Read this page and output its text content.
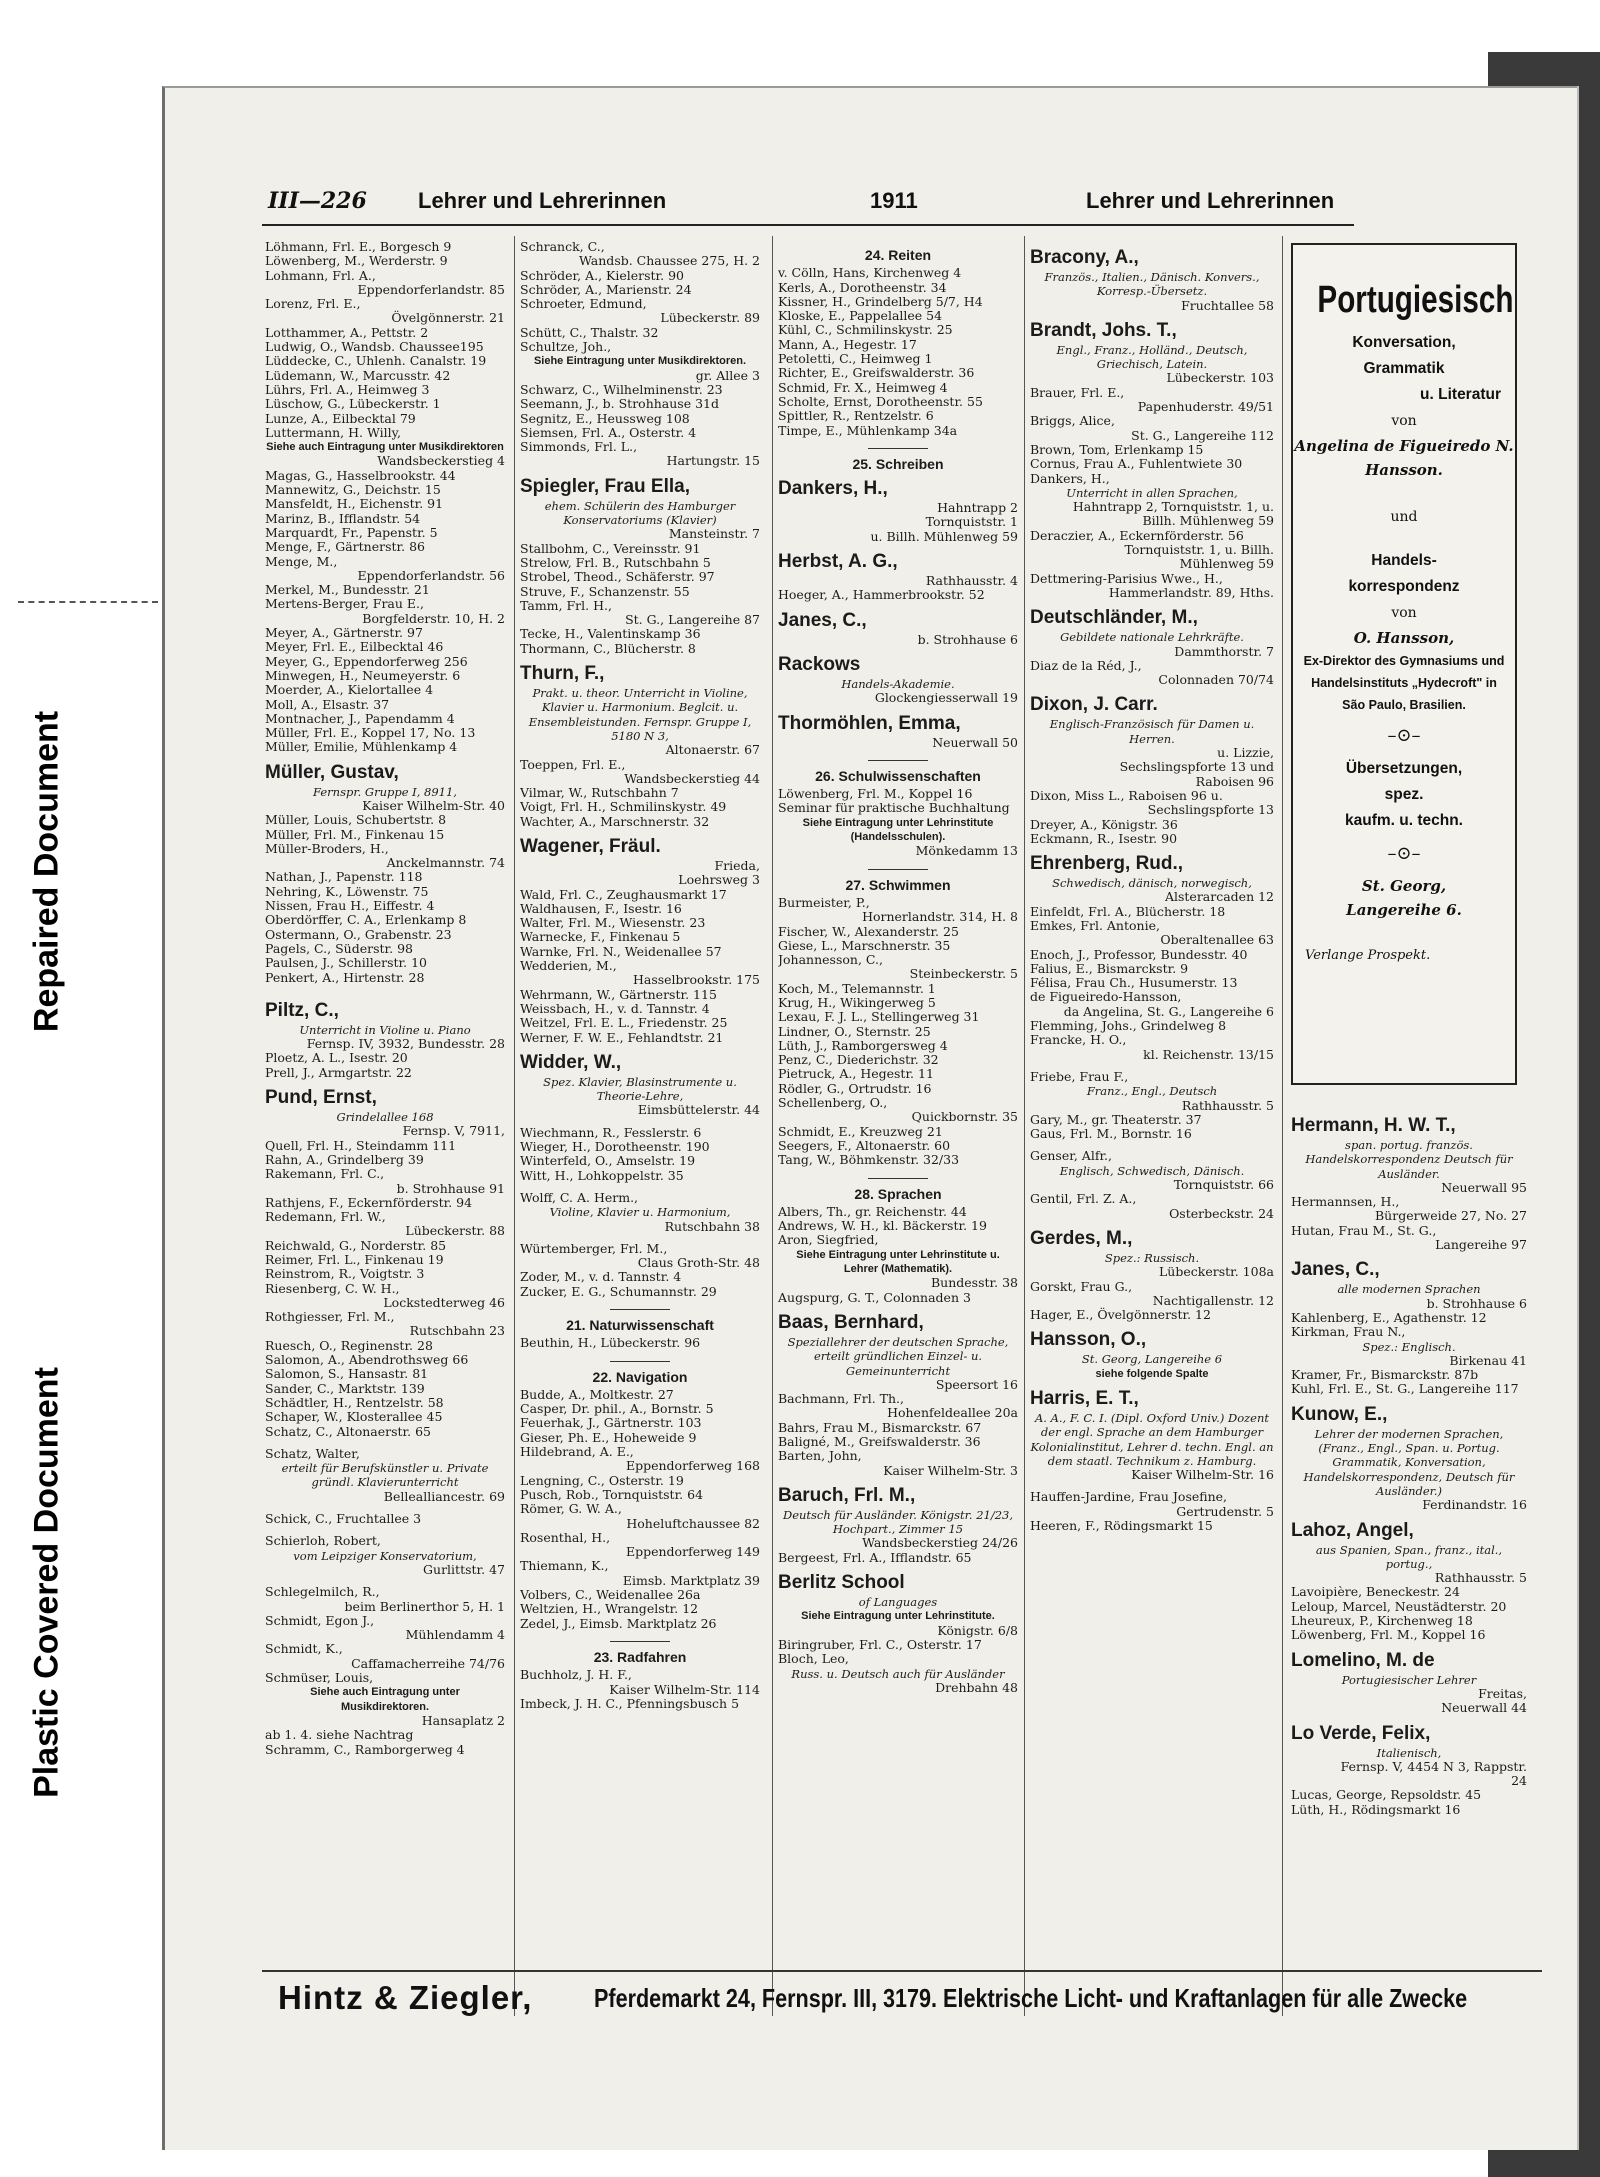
Repaired Document
Plastic Covered Document
III—226 Lehrer und Lehrerinnen	1911	Lehrer und Lehrerinnen
Löhmann, Frl. E., Borgesch 9
Löwenberg, M., Werderstr. 9
Lohmann, Frl. A.,
Eppendorferlandstr. 85
Lorenz, Frl. E.,
Övelgönnerstr. 21
Lotthammer, A., Pettstr. 2
Ludwig, O., Wandsb. Chaussee195
Lüddecke, C., Uhlenh. Canalstr. 19
Lüdemann, W., Marcusstr. 42
Lührs, Frl. A., Heimweg 3
Lüschow, G., Lübeckerstr. 1
Lunze, A., Eilbecktal 79
Luttermann, H. Willy,
Siehe auch Eintragung unter Musikdirektoren
Wandsbeckerstieg 4
Magas, G., Hasselbrookstr. 44
Mannewitz, G., Deichstr. 15
Mansfeldt, H., Eichenstr. 91
Marinz, B., Ifflandstr. 54
Marquardt, Fr., Papenstr. 5
Menge, F., Gärtnerstr. 86
Menge, M.,
Eppendorferlandstr. 56
Merkel, M., Bundesstr. 21
Mertens-Berger, Frau E.,
Borgfelderstr. 10, H. 2
Meyer, A., Gärtnerstr. 97
Meyer, Frl. E., Eilbecktal 46
Meyer, G., Eppendorferweg 256
Minwegen, H., Neumeyerstr. 6
Moerder, A., Kielortallee 4
Moll, A., Elsastr. 37
Montnacher, J., Papendamm 4
Müller, Frl. E., Koppel 17, No. 13
Müller, Emilie, Mühlenkamp 4
Müller, Gustav,
Fernspr. Gruppe I, 8911,
Kaiser Wilhelm-Str. 40
Müller, Louis, Schubertstr. 8
Müller, Frl. M., Finkenau 15
Müller-Broders, H.,
Anckelmannstr. 74
Nathan, J., Papenstr. 118
Nehring, K., Löwenstr. 75
Nissen, Frau H., Eiffestr. 4
Oberdörffer, C. A., Erlenkamp 8
Ostermann, O., Grabenstr. 23
Pagels, C., Süderstr. 98
Paulsen, J., Schillerstr. 10
Penkert, A., Hirtenstr. 28
Piltz, C.,
Unterricht in Violine u. Piano
Fernsp. IV, 3932, Bundesstr. 28
Ploetz, A. L., Isestr. 20
Prell, J., Armgartstr. 22
Pund, Ernst,
Grindelallee 168
Fernsp. V, 7911,
Quell, Frl. H., Steindamm 111
Rahn, A., Grindelberg 39
Rakemann, Frl. C.,
b. Strohhause 91
Rathjens, F., Eckernförderstr. 94
Redemann, Frl. W.,
Lübeckerstr. 88
Reichwald, G., Norderstr. 85
Reimer, Frl. L., Finkenau 19
Reinstrom, R., Voigtstr. 3
Riesenberg, C. W. H.,
Lockstedterweg 46
Rothgiesser, Frl. M.,
Rutschbahn 23
Ruesch, O., Reginenstr. 28
Salomon, A., Abendrothsweg 66
Salomon, S., Hansastr. 81
Sander, C., Marktstr. 139
Schädtler, H., Rentzelstr. 58
Schaper, W., Klosterallee 45
Schatz, C., Altonaerstr. 65
Schatz, Walter,
erteilt für Berufskünstler u. Private gründl. Klavierunterricht
Bellealliancestr. 69
Schick, C., Fruchtallee 3
Schierloh, Robert,
vom Leipziger Konservatorium,
Gurlittstr. 47
Schlegelmilch, R.,
beim Berlinerthor 5, H. 1
Schmidt, Egon J.,
Mühlendamm 4
Schmidt, K.,
Caffamacherreihe 74/76
Schmüser, Louis,
Siehe auch Eintragung unter Musikdirektoren.
Hansaplatz 2
ab 1. 4. siehe Nachtrag
Schramm, C., Ramborgerweg 4
Schranck, C.,
Wandsb. Chaussee 275, H. 2
Schröder, A., Kielerstr. 90
Schröder, A., Marienstr. 24
Schroeter, Edmund,
Lübeckerstr. 89
Schütt, C., Thalstr. 32
Schultze, Joh.,
Siehe Eintragung unter Musikdirektoren.
gr. Allee 3
Schwarz, C., Wilhelminenstr. 23
Seemann, J., b. Strohhause 31d
Segnitz, E., Heussweg 108
Siemsen, Frl. A., Osterstr. 4
Simmonds, Frl. L.,
Hartungstr. 15
Spiegler, Frau Ella,
ehem. Schülerin des Hamburger Konservatoriums (Klavier)
Mansteinstr. 7
Stallbohm, C., Vereinsstr. 91
Strelow, Frl. B., Rutschbahn 5
Strobel, Theod., Schäferstr. 97
Struve, F., Schanzenstr. 55
Tamm, Frl. H.,
St. G., Langereihe 87
Tecke, H., Valentinskamp 36
Thormann, C., Blücherstr. 8
Thurn, F.,
Prakt. u. theor. Unterricht in Violine, Klavier u. Harmonium. Beglcit. u. Ensembleistunden. Fernspr. Gruppe I, 5180 N 3,
Altonaerstr. 67
Toeppen, Frl. E.,
Wandsbeckerstieg 44
Vilmar, W., Rutschbahn 7
Voigt, Frl. H., Schmilinskystr. 49
Wachter, A., Marschnerstr. 32
Wagener, Fräul.
Frieda,
Loehrsweg 3
Wald, Frl. C., Zeughausmarkt 17
Waldhausen, F., Isestr. 16
Walter, Frl. M., Wiesenstr. 23
Warnecke, F., Finkenau 5
Warnke, Frl. N., Weidenallee 57
Wedderien, M.,
Hasselbrookstr. 175
Wehrmann, W., Gärtnerstr. 115
Weissbach, H., v. d. Tannstr. 4
Weitzel, Frl. E. L., Friedenstr. 25
Werner, F. W. E., Fehlandtstr. 21
Widder, W.,
Spez. Klavier, Blasinstrumente u. Theorie-Lehre,
Eimsbüttelerstr. 44
Wiechmann, R., Fesslerstr. 6
Wieger, H., Dorotheenstr. 190
Winterfeld, O., Amselstr. 19
Witt, H., Lohkoppelstr. 35
Wolff, C. A. Herm.,
Violine, Klavier u. Harmonium,
Rutschbahn 38
Würtemberger, Frl. M.,
Claus Groth-Str. 48
Zoder, M., v. d. Tannstr. 4
Zucker, E. G., Schumannstr. 29
21. Naturwissenschaft
Beuthin, H., Lübeckerstr. 96
22. Navigation
Budde, A., Moltkestr. 27
Casper, Dr. phil., A., Bornstr. 5
Feuerhak, J., Gärtnerstr. 103
Gieser, Ph. E., Hoheweide 9
Hildebrand, A. E.,
Eppendorferweg 168
Lengning, C., Osterstr. 19
Pusch, Rob., Tornquiststr. 64
Römer, G. W. A.,
Hoheluftchaussee 82
Rosenthal, H.,
Eppendorferweg 149
Thiemann, K.,
Eimsb. Marktplatz 39
Volbers, C., Weidenallee 26a
Weltzien, H., Wrangelstr. 12
Zedel, J., Eimsb. Marktplatz 26
23. Radfahren
Buchholz, J. H. F.,
Kaiser Wilhelm-Str. 114
Imbeck, J. H. C., Pfenningsbusch 5
24. Reiten
v. Cölln, Hans, Kirchenweg 4
Kerls, A., Dorotheenstr. 34
Kissner, H., Grindelberg 5/7, H4
Kloske, E., Pappelallee 54
Kühl, C., Schmilinskystr. 25
Mann, A., Hegestr. 17
Petoletti, C., Heimweg 1
Richter, E., Greifswalderstr. 36
Schmid, Fr. X., Heimweg 4
Scholte, Ernst, Dorotheenstr. 55
Spittler, R., Rentzelstr. 6
Timpe, E., Mühlenkamp 34a
25. Schreiben
Dankers, H.,
Hahntrapp 2
Tornquiststr. 1
u. Billh. Mühlenweg 59
Herbst, A. G.,
Rathhausstr. 4
Hoeger, A., Hammerbrookstr. 52
Janes, C.,
b. Strohhause 6
Rackows
Handels-Akademie.
Glockengiesserwall 19
Thormöhlen, Emma,
Neuerwall 50
26. Schulwissenschaften
Löwenberg, Frl. M., Koppel 16
Seminar für praktische Buchhaltung
Siehe Eintragung unter Lehrinstitute (Handelsschulen).
Mönkedamm 13
27. Schwimmen
Burmeister, P.,
Hornerlandstr. 314, H. 8
Fischer, W., Alexanderstr. 25
Giese, L., Marschnerstr. 35
Johannesson, C.,
Steinbeckerstr. 5
Koch, M., Telemannstr. 1
Krug, H., Wikingerweg 5
Lexau, F. J. L., Stellingerweg 31
Lindner, O., Sternstr. 25
Lüth, J., Ramborgersweg 4
Penz, C., Diederichstr. 32
Pietruck, A., Hegestr. 11
Rödler, G., Ortrudstr. 16
Schellenberg, O.,
Quickbornstr. 35
Schmidt, E., Kreuzweg 21
Seegers, F., Altonaerstr. 60
Tang, W., Böhmkenstr. 32/33
28. Sprachen
Albers, Th., gr. Reichenstr. 44
Andrews, W. H., kl. Bäckerstr. 19
Aron, Siegfried,
Siehe Eintragung unter Lehrinstitute u. Lehrer (Mathematik).
Bundesstr. 38
Augspurg, G. T., Colonnaden 3
Baas, Bernhard,
Speziallehrer der deutschen Sprache, erteilt gründlichen Einzel- u. Gemeinunterricht
Speersort 16
Bachmann, Frl. Th.,
Hohenfeldeallee 20a
Bahrs, Frau M., Bismarckstr. 67
Baligné, M., Greifswalderstr. 36
Barten, John,
Kaiser Wilhelm-Str. 3
Baruch, Frl. M.,
Deutsch für Ausländer. Königstr. 21/23, Hochpart., Zimmer 15
Wandsbeckerstieg 24/26
Bergeest, Frl. A., Ifflandstr. 65
Berlitz School
of Languages
Siehe Eintragung unter Lehrinstitute.
Königstr. 6/8
Biringruber, Frl. C., Osterstr. 17
Bloch, Leo,
Russ. u. Deutsch auch für Ausländer
Drehbahn 48
Bracony, A.,
Französ., Italien., Dänisch. Konvers., Korresp.-Übersetz.
Fruchtallee 58
Brandt, Johs. T.,
Engl., Franz., Holländ., Deutsch, Griechisch, Latein.
Lübeckerstr. 103
Brauer, Frl. E.,
Papenhuderstr. 49/51
Briggs, Alice,
St. G., Langereihe 112
Brown, Tom, Erlenkamp 15
Cornus, Frau A., Fuhlentwiete 30
Dankers, H.,
Unterricht in allen Sprachen,
Hahntrapp 2, Tornquiststr. 1, u. Billh. Mühlenweg 59
Deraczier, A., Eckernförderstr. 56
Tornquiststr. 1, u. Billh. Mühlenweg 59
Dettmering-Parisius Wwe., H.,
Hammerlandstr. 89, Hths.
Deutschländer, M.,
Gebildete nationale Lehrkräfte.
Dammthorstr. 7
Diaz de la Réd, J.,
Colonnaden 70/74
Dixon, J. Carr.
Englisch-Französisch für Damen u. Herren.
u. Lizzie,
Sechslingspforte 13 und Raboisen 96
Dixon, Miss L., Raboisen 96 u.
Sechslingspforte 13
Dreyer, A., Königstr. 36
Eckmann, R., Isestr. 90
Ehrenberg, Rud.,
Schwedisch, dänisch, norwegisch,
Alsterarcaden 12
Einfeldt, Frl. A., Blücherstr. 18
Emkes, Frl. Antonie,
Oberaltenallee 63
Enoch, J., Professor, Bundesstr. 40
Falius, E., Bismarckstr. 9
Félisa, Frau Ch., Husumerstr. 13
de Figueiredo-Hansson,
da Angelina, St. G., Langereihe 6
Flemming, Johs., Grindelweg 8
Francke, H. O.,
kl. Reichenstr. 13/15
Friebe, Frau F.,
Franz., Engl., Deutsch
Rathhausstr. 5
Gary, M., gr. Theaterstr. 37
Gaus, Frl. M., Bornstr. 16
Genser, Alfr.,
Englisch, Schwedisch, Dänisch.
Tornquiststr. 66
Gentil, Frl. Z. A.,
Osterbeckstr. 24
Gerdes, M.,
Spez.: Russisch.
Lübeckerstr. 108a
Gorskt, Frau G.,
Nachtigallenstr. 12
Hager, E., Övelgönnerstr. 12
Hansson, O.,
St. Georg, Langereihe 6
siehe folgende Spalte
Harris, E. T.,
A. A., F. C. I. (Dipl. Oxford Univ.) Dozent der engl. Sprache an dem Hamburger Kolonialinstitut, Lehrer d. techn. Engl. an dem staatl. Technikum z. Hamburg.
Kaiser Wilhelm-Str. 16
Hauffen-Jardine, Frau Josefine,
Gertrudenstr. 5
Heeren, F., Rödingsmarkt 15
Portugiesisch
Konversation,
Grammatik
u. Literatur
von
Angelina de Figueiredo N. Hansson.
und
Handels-
korrespondenz
von
O. Hansson,
Ex-Direktor des Gymnasiums und Handelsinstituts „Hydecroft" in São Paulo, Brasilien.
–⊙–
Übersetzungen,
spez.
kaufm. u. techn.
–⊙–
St. Georg,
Langereihe 6.
Verlange Prospekt.
Hermann, H. W. T.,
span. portug. französ. Handelskorrespondenz Deutsch für Ausländer.
Neuerwall 95
Hermannsen, H.,
Bürgerweide 27, No. 27
Hutan, Frau M., St. G.,
Langereihe 97
Janes, C.,
alle modernen Sprachen
b. Strohhause 6
Kahlenberg, E., Agathenstr. 12
Kirkman, Frau N.,
Spez.: Englisch.
Birkenau 41
Kramer, Fr., Bismarckstr. 87b
Kuhl, Frl. E., St. G., Langereihe 117
Kunow, E.,
Lehrer der modernen Sprachen, (Franz., Engl., Span. u. Portug. Grammatik, Konversation, Handelskorrespondenz, Deutsch für Ausländer.)
Ferdinandstr. 16
Lahoz, Angel,
aus Spanien, Span., franz., ital., portug.,
Rathhausstr. 5
Lavoipière, Beneckestr. 24
Leloup, Marcel, Neustädterstr. 20
Lheureux, P., Kirchenweg 18
Löwenberg, Frl. M., Koppel 16
Lomelino, M. de
Portugiesischer Lehrer
Freitas,
Neuerwall 44
Lo Verde, Felix,
Italienisch,
Fernsp. V, 4454 N 3, Rappstr. 24
Lucas, George, Repsoldstr. 45
Lüth, H., Rödingsmarkt 16
Hintz & Ziegler, Pferdemarkt 24, Fernspr. III, 3179. Elektrische Licht- und Kraftanlagen für alle Zwecke
